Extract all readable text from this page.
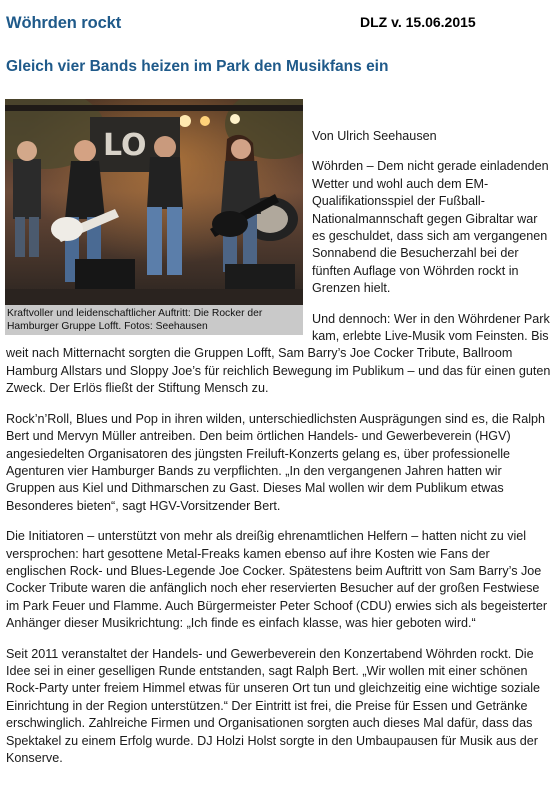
Wöhrden rockt	DLZ v. 15.06.2015
Gleich vier Bands heizen im Park den Musikfans ein
LO
Kraftvoller und leidenschaftlicher Auftritt: Die Rocker der Hamburger Gruppe Lofft. Fotos: Seehausen

Von Ulrich Seehausen

Wöhrden – Dem nicht gerade einladenden Wetter und wohl auch dem EM-Qualifikationsspiel der Fußball-Nationalmannschaft gegen Gibraltar war es geschuldet, dass sich am vergangenen Sonnabend die Besucherzahl bei der fünften Auflage von Wöhrden rockt in Grenzen hielt.

Und dennoch: Wer in den Wöhrdener Park kam, erlebte Live-Musik vom Feinsten. Bis weit nach Mitternacht sorgten die Gruppen Lofft, Sam Barry’s Joe Cocker Tribute, Ballroom Hamburg Allstars und Sloppy Joe’s für reichlich Bewegung im Publikum – und das für einen guten Zweck. Der Erlös fließt der Stiftung Mensch zu.

Rock’n’Roll, Blues und Pop in ihren wilden, unterschiedlichsten Ausprägungen sind es, die Ralph Bert und Mervyn Müller antreiben. Den beim örtlichen Handels- und Gewerbeverein (HGV) angesiedelten Organisatoren des jüngsten Freiluft-Konzerts gelang es, über professionelle Agenturen vier Hamburger Bands zu verpflichten. „In den vergangenen Jahren hatten wir Gruppen aus Kiel und Dithmarschen zu Gast. Dieses Mal wollen wir dem Publikum etwas Besonderes bieten“, sagt HGV-Vorsitzender Bert.

Die Initiatoren – unterstützt von mehr als dreißig ehrenamtlichen Helfern – hatten nicht zu viel versprochen: hart gesottene Metal-Freaks kamen ebenso auf ihre Kosten wie Fans der englischen Rock- und Blues-Legende Joe Cocker. Spätestens beim Auftritt von Sam Barry’s Joe Cocker Tribute waren die anfänglich noch eher reservierten Besucher auf der großen Festwiese im Park Feuer und Flamme. Auch Bürgermeister Peter Schoof (CDU) erwies sich als begeisterter Anhänger dieser Musikrichtung: „Ich finde es einfach klasse, was hier geboten wird.“

Seit 2011 veranstaltet der Handels- und Gewerbeverein den Konzertabend Wöhrden rockt. Die Idee sei in einer geselligen Runde entstanden, sagt Ralph Bert. „Wir wollen mit einer schönen Rock-Party unter freiem Himmel etwas für unseren Ort tun und gleichzeitig eine wichtige soziale Einrichtung in der Region unterstützen.“ Der Eintritt ist frei, die Preise für Essen und Getränke erschwinglich. Zahlreiche Firmen und Organisationen sorgten auch dieses Mal dafür, dass das Spektakel zu einem Erfolg wurde. DJ Holzi Holst sorgte in den Umbaupausen für Musik aus der Konserve.
